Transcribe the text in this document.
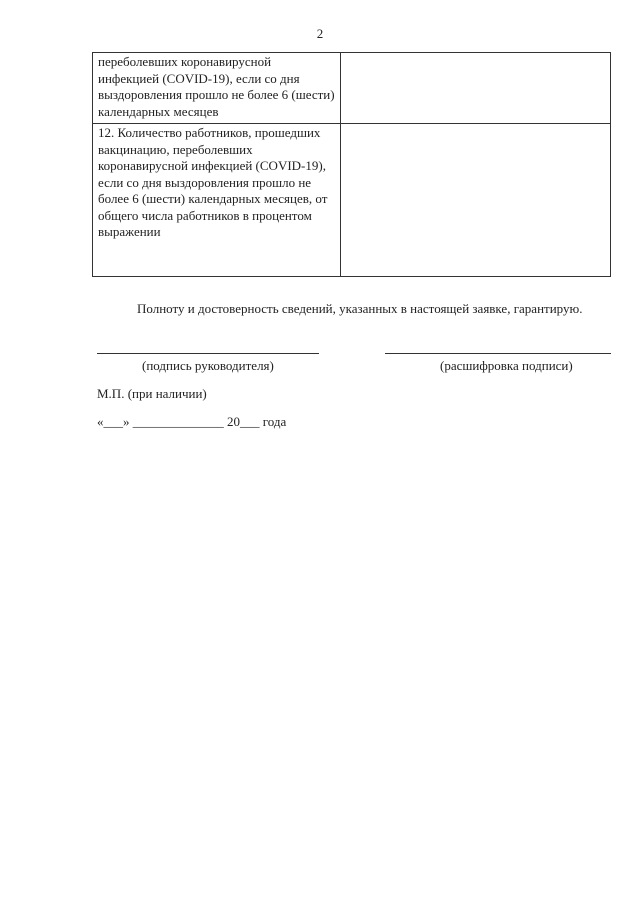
2
переболевших коронавирусной инфекцией (COVID-19), если со дня выздоровления прошло не более 6 (шести) календарных месяцев	
12. Количество работников, прошедших вакцинацию, переболевших коронавирусной инфекцией (COVID-19), если со дня выздоровления прошло не более 6 (шести) календарных месяцев, от общего числа работников в процентом выражении	
Полноту и достоверность сведений, указанных в настоящей заявке, гарантирую.
(подпись руководителя)	(расшифровка подписи)
М.П. (при наличии)
«___» ______________ 20___ года
